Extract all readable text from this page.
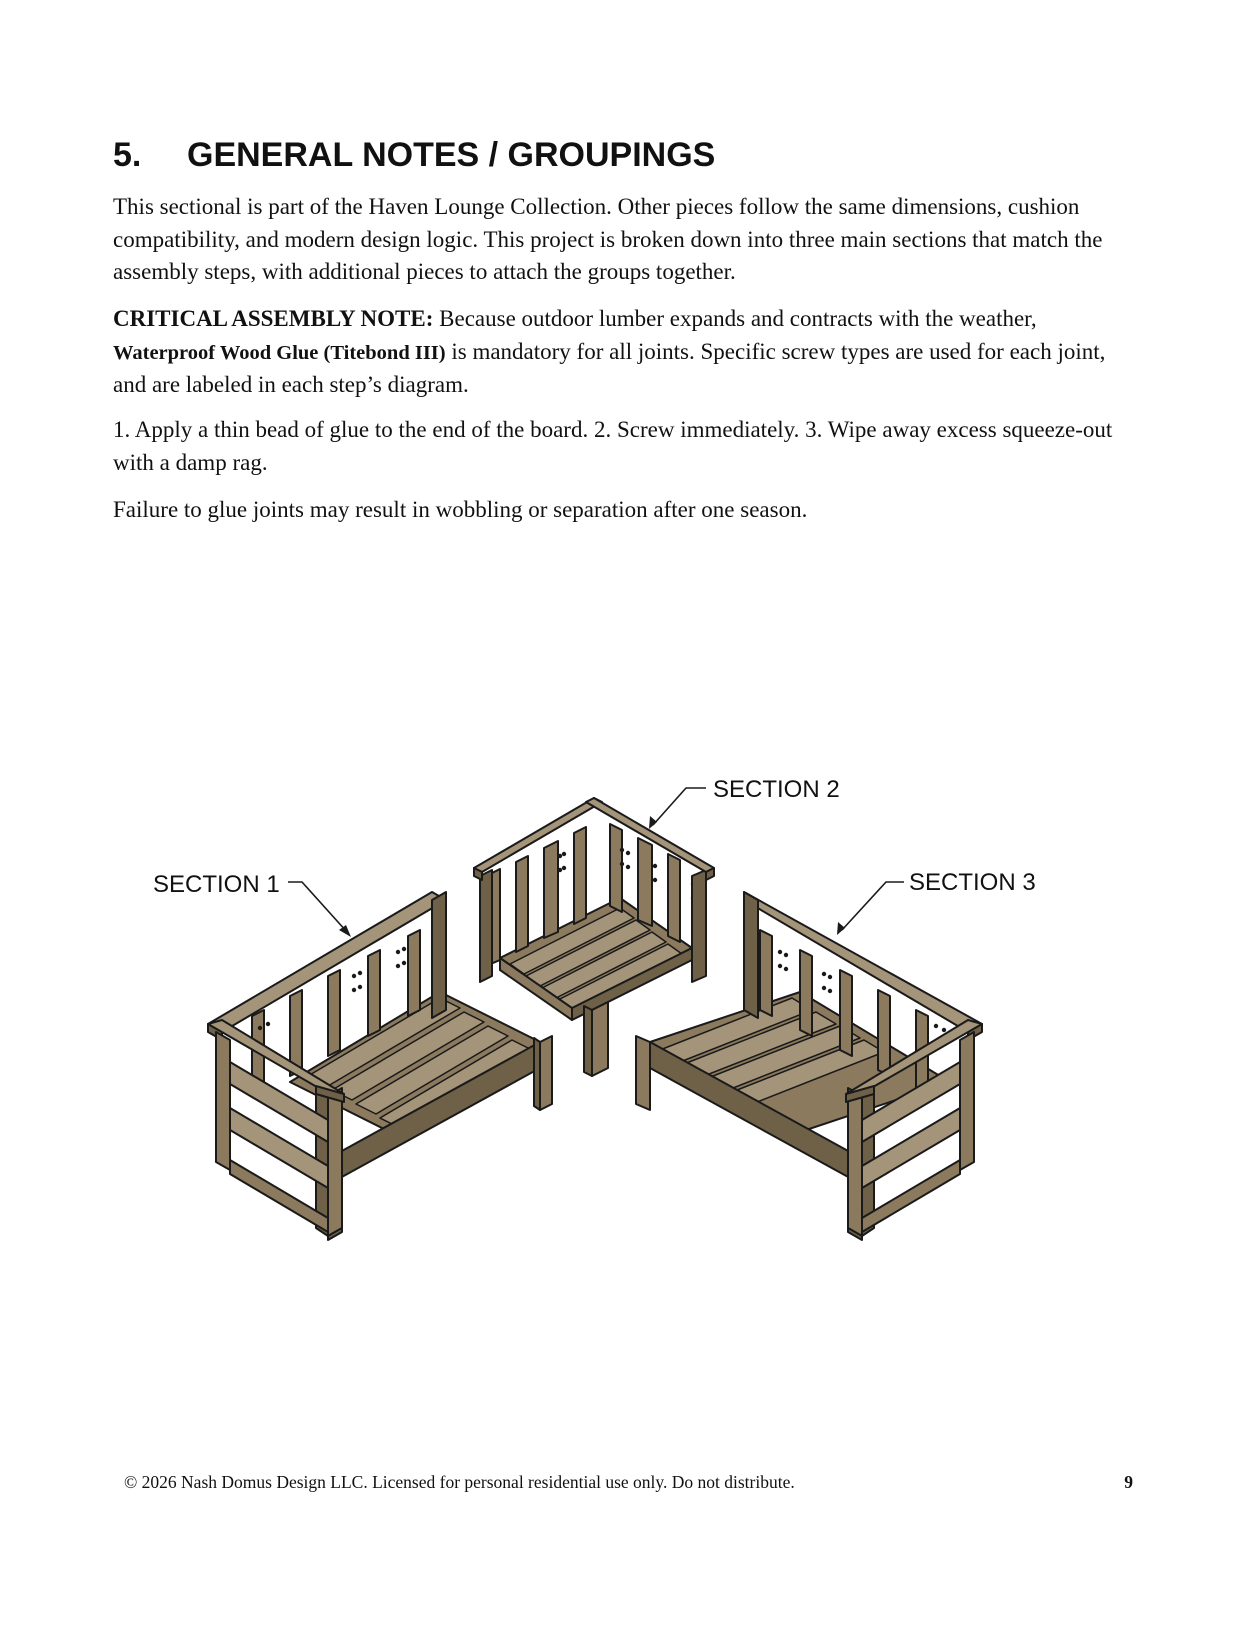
5. GENERAL NOTES / GROUPINGS

This sectional is part of the Haven Lounge Collection. Other pieces follow the same dimensions, cushion compatibility, and modern design logic. This project is broken down into three main sections that match the assembly steps, with additional pieces to attach the groups together.

CRITICAL ASSEMBLY NOTE: Because outdoor lumber expands and contracts with the weather, Waterproof Wood Glue (Titebond III) is mandatory for all joints. Specific screw types are used for each joint, and are labeled in each step’s diagram.

1. Apply a thin bead of glue to the end of the board. 2. Screw immediately. 3. Wipe away excess squeeze-out with a damp rag.

Failure to glue joints may result in wobbling or separation after one season.

SECTION 1
SECTION 2
SECTION 3
© 2026 Nash Domus Design LLC. Licensed for personal residential use only. Do not distribute.	9
